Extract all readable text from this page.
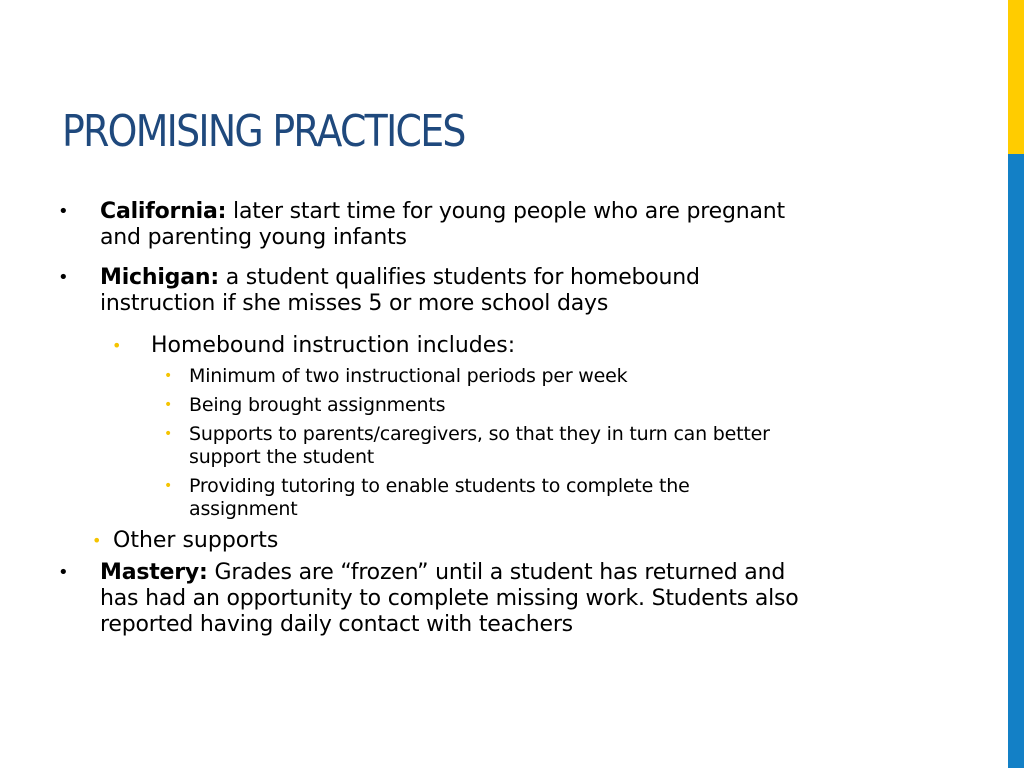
PROMISING PRACTICES
• California: later start time for young people who are pregnant
and parenting young infants
• Michigan: a student qualifies students for homebound
instruction if she misses 5 or more school days
• Homebound instruction includes:
• Minimum of two instructional periods per week
• Being brought assignments
• Supports to parents/caregivers, so that they in turn can better
support the student
• Providing tutoring to enable students to complete the
assignment
• Other supports
• Mastery: Grades are “frozen” until a student has returned and
has had an opportunity to complete missing work. Students also
reported having daily contact with teachers
